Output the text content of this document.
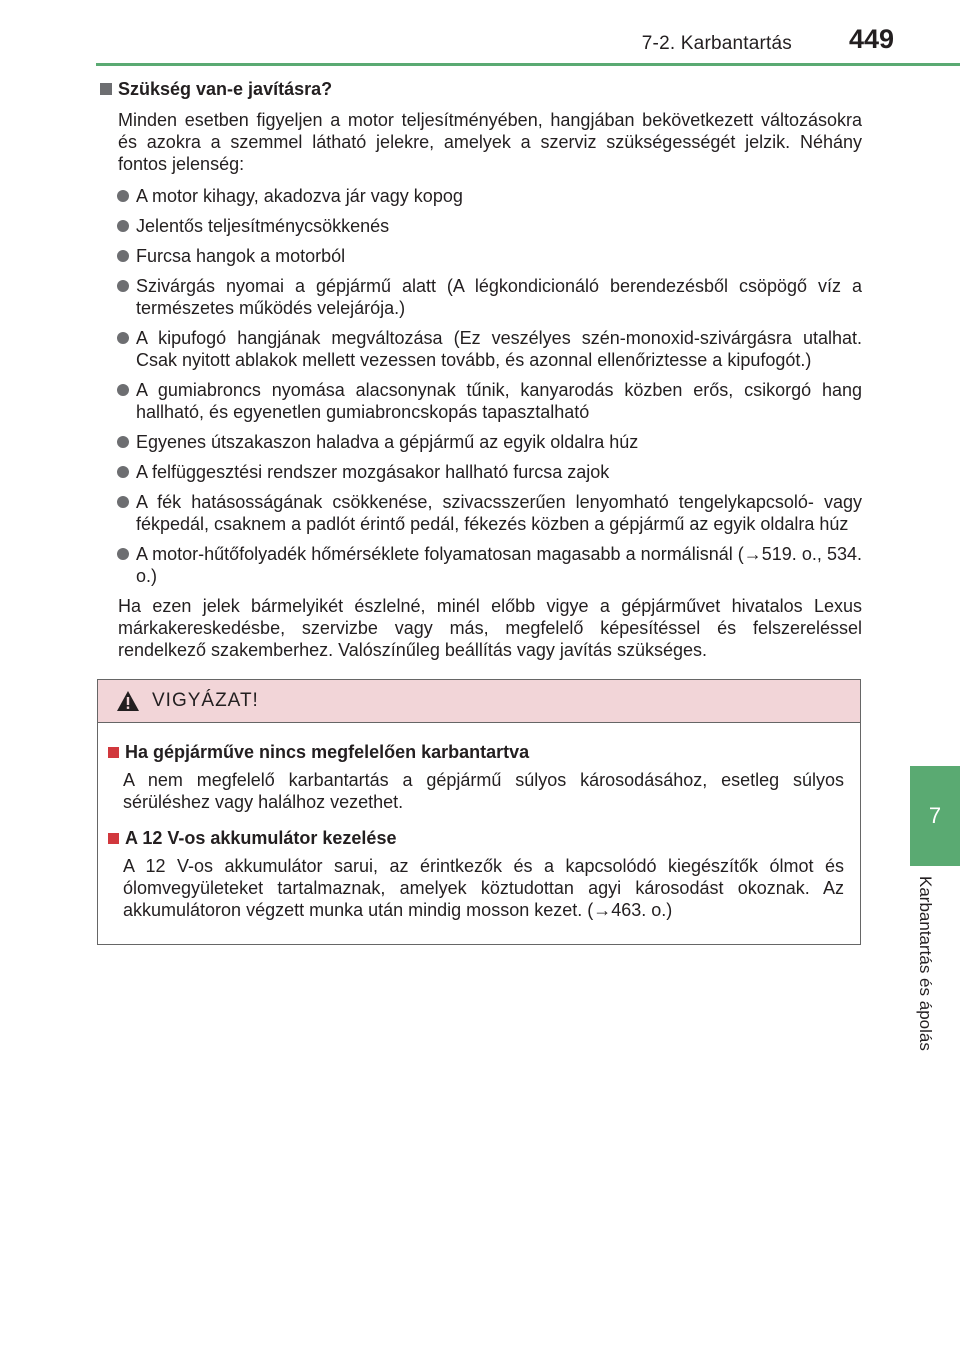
7-2. Karbantartás 449
7
Karbantartás és ápolás
Szükség van-e javításra?
Minden esetben figyeljen a motor teljesítményében, hangjában bekövetkezett változásokra és azokra a szemmel látható jelekre, amelyek a szerviz szükségességét jelzik. Néhány fontos jelenség:
A motor kihagy, akadozva jár vagy kopog
Jelentős teljesítménycsökkenés
Furcsa hangok a motorból
Szivárgás nyomai a gépjármű alatt (A légkondicionáló berendezésből csöpögő víz a természetes működés velejárója.)
A kipufogó hangjának megváltozása (Ez veszélyes szén-monoxid-szivárgásra utalhat. Csak nyitott ablakok mellett vezessen tovább, és azonnal ellenőriztesse a kipufogót.)
A gumiabroncs nyomása alacsonynak tűnik, kanyarodás közben erős, csikorgó hang hallható, és egyenetlen gumiabroncskopás tapasztalható
Egyenes útszakaszon haladva a gépjármű az egyik oldalra húz
A felfüggesztési rendszer mozgásakor hallható furcsa zajok
A fék hatásosságának csökkenése, szivacsszerűen lenyomható tengelykapcsoló- vagy fékpedál, csaknem a padlót érintő pedál, fékezés közben a gépjármű az egyik oldalra húz
A motor-hűtőfolyadék hőmérséklete folyamatosan magasabb a normálisnál (→519. o., 534. o.)
Ha ezen jelek bármelyikét észlelné, minél előbb vigye a gépjárművet hivatalos Lexus márkakereskedésbe, szervizbe vagy más, megfelelő képesítéssel és felszereléssel rendelkező szakemberhez. Valószínűleg beállítás vagy javítás szükséges.
VIGYÁZAT!
Ha gépjárműve nincs megfelelően karbantartva
A nem megfelelő karbantartás a gépjármű súlyos károsodásához, esetleg súlyos sérüléshez vagy halálhoz vezethet.
A 12 V-os akkumulátor kezelése
A 12 V-os akkumulátor sarui, az érintkezők és a kapcsolódó kiegészítők ólmot és ólomvegyületeket tartalmaznak, amelyek köztudottan agyi károsodást okoznak. Az akkumulátoron végzett munka után mindig mosson kezet. (→463. o.)
